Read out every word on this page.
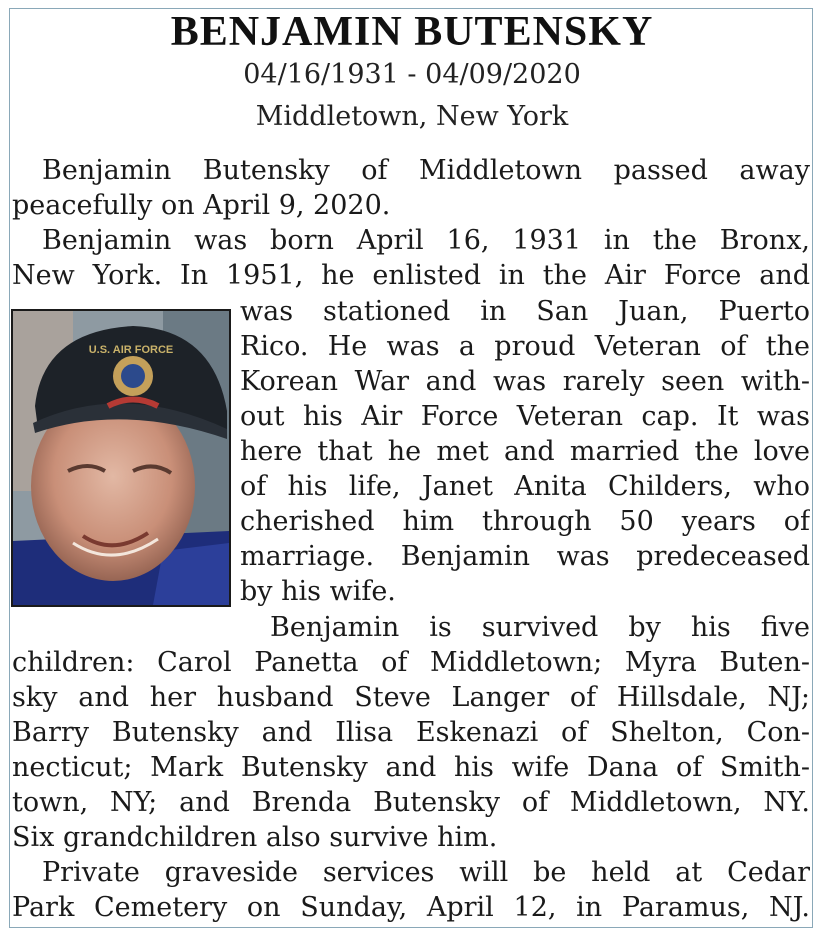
BENJAMIN BUTENSKY
04/16/1931 - 04/09/2020
Middletown, New York
U.S. AIR FORCE
Benjamin Butensky of Middletown passed away
peacefully on April 9, 2020.
Benjamin was born April 16, 1931 in the Bronx,
New York. In 1951, he enlisted in the Air Force and
was stationed in San Juan, Puerto
Rico. He was a proud Veteran of the
Korean War and was rarely seen with-
out his Air Force Veteran cap. It was
here that he met and married the love
of his life, Janet Anita Childers, who
cherished him through 50 years of
marriage. Benjamin was predeceased
by his wife.
Benjamin is survived by his five
children: Carol Panetta of Middletown; Myra Buten-
sky and her husband Steve Langer of Hillsdale, NJ;
Barry Butensky and Ilisa Eskenazi of Shelton, Con-
necticut; Mark Butensky and his wife Dana of Smith-
town, NY; and Brenda Butensky of Middletown, NY.
Six grandchildren also survive him.
Private graveside services will be held at Cedar
Park Cemetery on Sunday, April 12, in Paramus, NJ.
